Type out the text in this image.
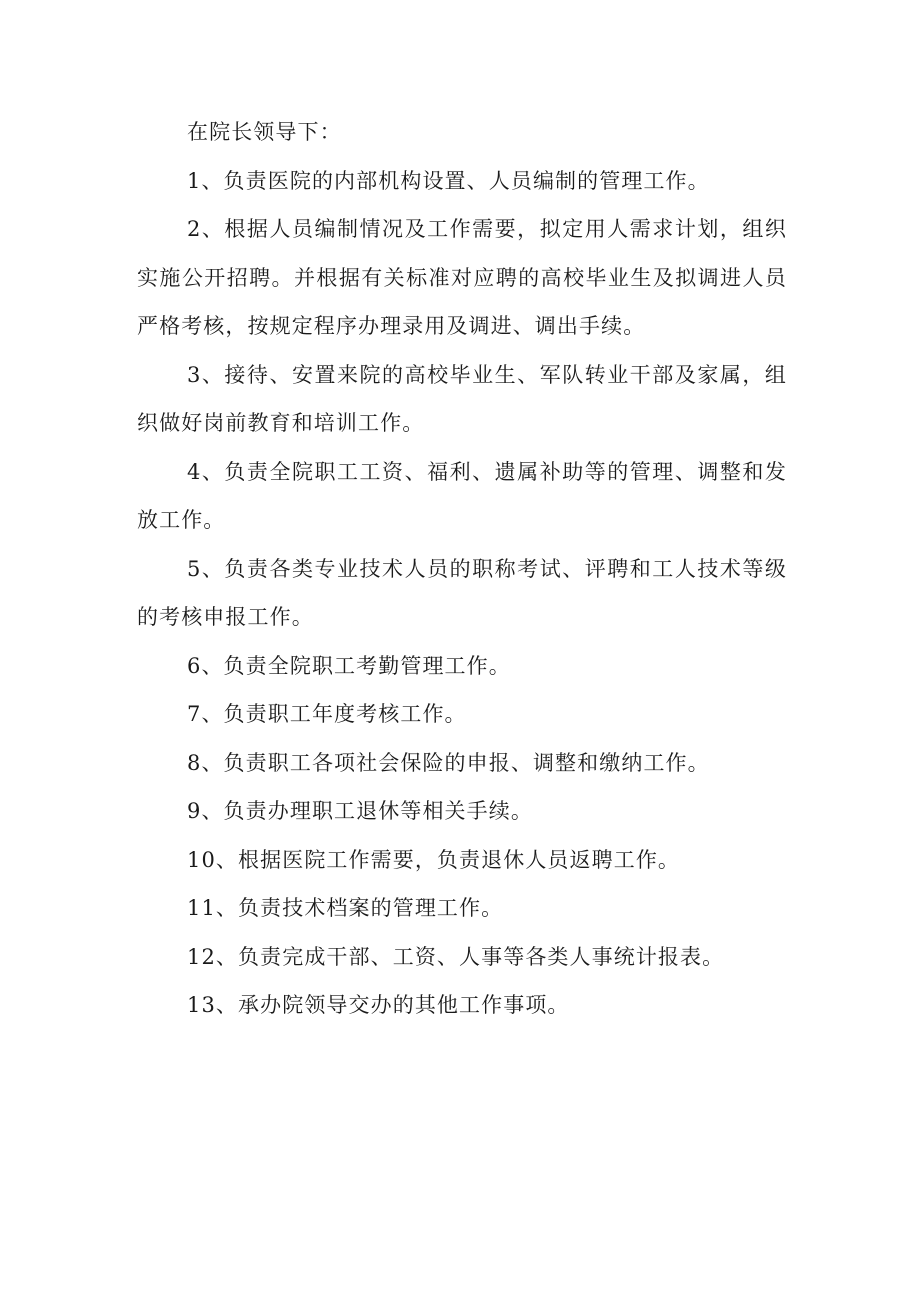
在院长领导下：

1、负责医院的内部机构设置、人员编制的管理工作。

2、根据人员编制情况及工作需要，拟定用人需求计划，组织实施公开招聘。并根据有关标准对应聘的高校毕业生及拟调进人员严格考核，按规定程序办理录用及调进、调出手续。

3、接待、安置来院的高校毕业生、军队转业干部及家属，组织做好岗前教育和培训工作。

4、负责全院职工工资、福利、遗属补助等的管理、调整和发放工作。

5、负责各类专业技术人员的职称考试、评聘和工人技术等级的考核申报工作。

6、负责全院职工考勤管理工作。

7、负责职工年度考核工作。

8、负责职工各项社会保险的申报、调整和缴纳工作。

9、负责办理职工退休等相关手续。

10、根据医院工作需要，负责退休人员返聘工作。

11、负责技术档案的管理工作。

12、负责完成干部、工资、人事等各类人事统计报表。

13、承办院领导交办的其他工作事项。
